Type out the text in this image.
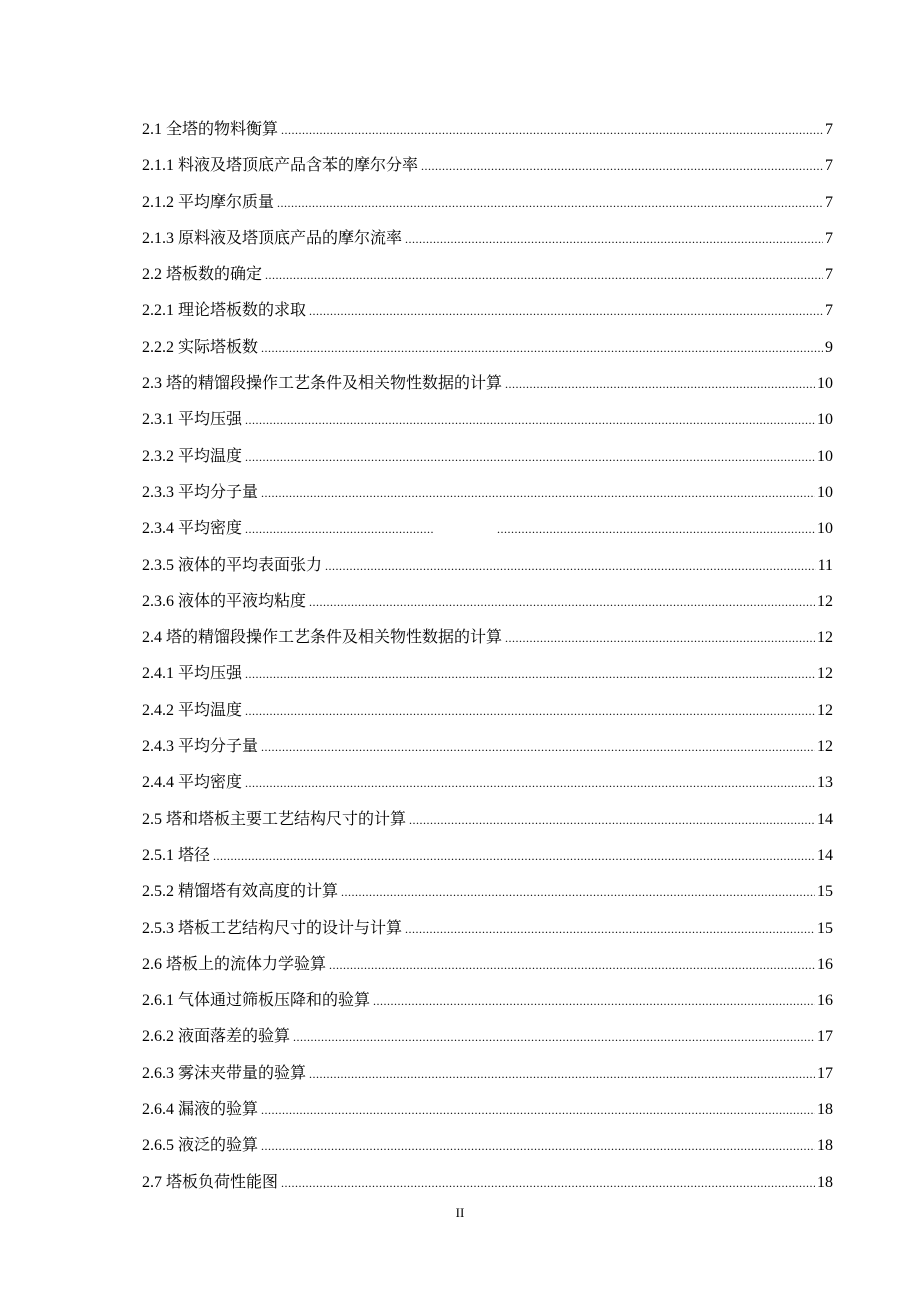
2.1 全塔的物料衡算 .....	7
2.1.1 料液及塔顶底产品含苯的摩尔分率 .....	7
2.1.2 平均摩尔质量 .....	7
2.1.3 原料液及塔顶底产品的摩尔流率 .....	7
2.2 塔板数的确定 .....	7
2.2.1 理论塔板数的求取 .....	7
2.2.2 实际塔板数 .....	9
2.3 塔的精馏段操作工艺条件及相关物性数据的计算 .....	10
2.3.1 平均压强 .....	10
2.3.2 平均温度 .....	10
2.3.3 平均分子量 .....	10
2.3.4 平均密度 .....	10
2.3.5 液体的平均表面张力 .....	11
2.3.6 液体的平液均粘度 .....	12
2.4 塔的精馏段操作工艺条件及相关物性数据的计算 .....	12
2.4.1 平均压强 .....	12
2.4.2 平均温度 .....	12
2.4.3 平均分子量 .....	12
2.4.4 平均密度 .....	13
2.5 塔和塔板主要工艺结构尺寸的计算 .....	14
2.5.1 塔径 .....	14
2.5.2 精馏塔有效高度的计算 .....	15
2.5.3 塔板工艺结构尺寸的设计与计算 .....	15
2.6 塔板上的流体力学验算 .....	16
2.6.1 气体通过筛板压降和的验算 .....	16
2.6.2 液面落差的验算 .....	17
2.6.3 雾沫夹带量的验算 .....	17
2.6.4 漏液的验算 .....	18
2.6.5 液泛的验算 .....	18
2.7 塔板负荷性能图 .....	18
II
